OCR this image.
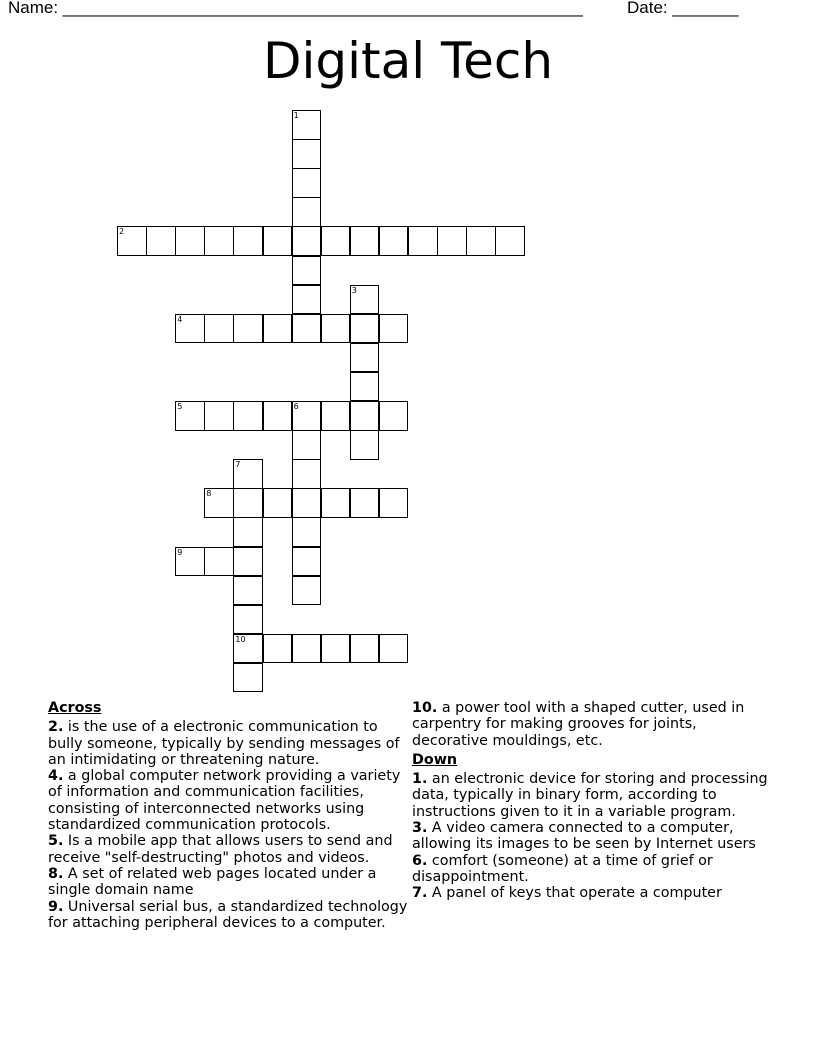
Name: _______________________________________________________	Date: _______
Digital Tech
1
2
3
4
5	6
7
8
9
10
Across
2. is the use of a electronic communication to bully someone, typically by sending messages of an intimidating or threatening nature.
4. a global computer network providing a variety of information and communication facilities, consisting of interconnected networks using standardized communication protocols.
5. Is a mobile app that allows users to send and receive "self-destructing" photos and videos.
8. A set of related web pages located under a single domain name
9. Universal serial bus, a standardized technology for attaching peripheral devices to a computer.
10. a power tool with a shaped cutter, used in carpentry for making grooves for joints, decorative mouldings, etc.
Down
1. an electronic device for storing and processing data, typically in binary form, according to instructions given to it in a variable program.
3. A video camera connected to a computer, allowing its images to be seen by Internet users
6. comfort (someone) at a time of grief or disappointment.
7. A panel of keys that operate a computer
